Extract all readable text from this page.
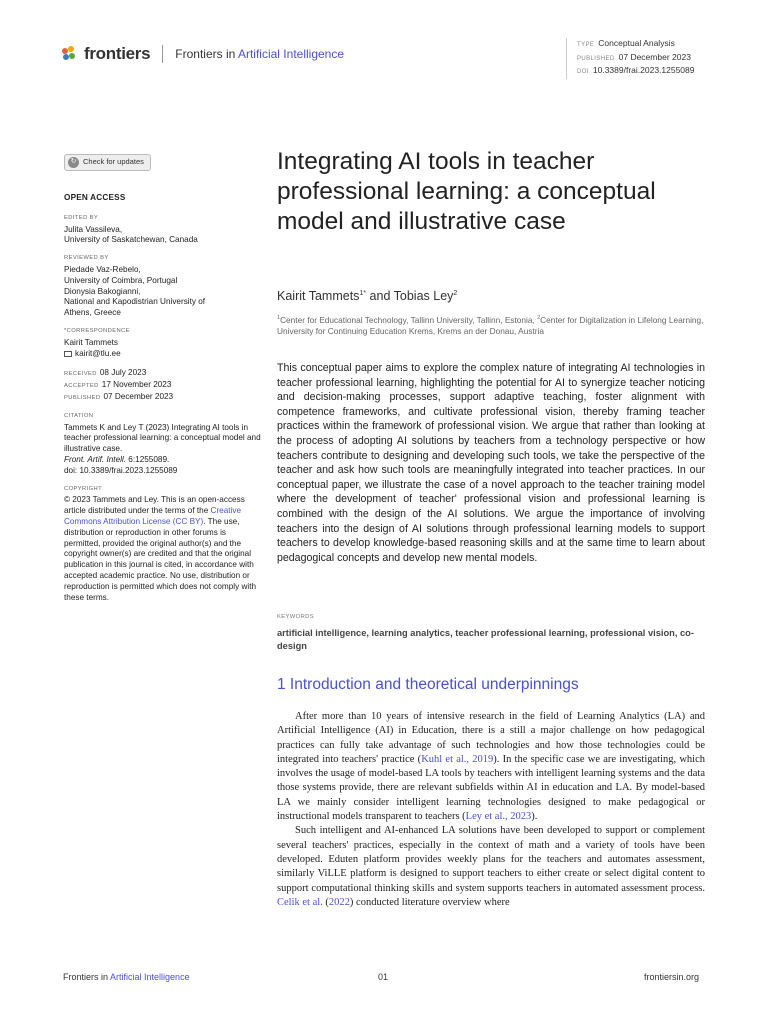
frontiers Frontiers in Artificial Intelligence
TYPE Conceptual Analysis
PUBLISHED 07 December 2023
DOI 10.3389/frai.2023.1255089
↻ Check for updates
OPEN ACCESS
EDITED BY
Julita Vassileva,
University of Saskatchewan, Canada
REVIEWED BY
Piedade Vaz-Rebelo,
University of Coimbra, Portugal
Dionysia Bakogianni,
National and Kapodistrian University of
Athens, Greece
*CORRESPONDENCE
Kairit Tammets
kairit@tlu.ee
RECEIVED 08 July 2023
ACCEPTED 17 November 2023
PUBLISHED 07 December 2023
CITATION
Tammets K and Ley T (2023) Integrating AI tools in teacher professional learning: a conceptual model and illustrative case.
Front. Artif. Intell. 6:1255089.
doi: 10.3389/frai.2023.1255089
COPYRIGHT
© 2023 Tammets and Ley. This is an open-access article distributed under the terms of the Creative Commons Attribution License (CC BY). The use, distribution or reproduction in other forums is permitted, provided the original author(s) and the copyright owner(s) are credited and that the original publication in this journal is cited, in accordance with accepted academic practice. No use, distribution or reproduction is permitted which does not comply with these terms.
Integrating AI tools in teacher professional learning: a conceptual model and illustrative case
Kairit Tammets$^{1*}$ and Tobias Ley$^2$
$^1$Center for Educational Technology, Tallinn University, Tallinn, Estonia, $^2$Center for Digitalization in Lifelong Learning, University for Continuing Education Krems, Krems an der Donau, Austria

This conceptual paper aims to explore the complex nature of integrating AI technologies in teacher professional learning, highlighting the potential for AI to synergize teacher noticing and decision-making processes, support adaptive teaching, foster alignment with competence frameworks, and cultivate professional vision, thereby framing teacher practices within the framework of professional vision. We argue that rather than looking at the process of adopting AI solutions by teachers from a technology perspective or how teachers contribute to designing and developing such tools, we take the perspective of the teacher and ask how such tools are meaningfully integrated into teacher practices. In our conceptual paper, we illustrate the case of a novel approach to the teacher training model where the development of teacher' professional vision and professional learning is combined with the design of the AI solutions. We argue the importance of involving teachers into the design of AI solutions through professional learning models to support teachers to develop knowledge-based reasoning skills and at the same time to learn about pedagogical concepts and develop new mental models.

KEYWORDS
artificial intelligence, learning analytics, teacher professional learning, professional vision, co-design
1 Introduction and theoretical underpinnings

After more than 10 years of intensive research in the field of Learning Analytics (LA) and Artificial Intelligence (AI) in Education, there is a still a major challenge on how pedagogical practices can fully take advantage of such technologies and how those technologies could be integrated into teachers' practice (Kuhl et al., 2019). In the specific case we are investigating, which involves the usage of model-based LA tools by teachers with intelligent learning systems and the data those systems provide, there are relevant subfields within AI in education and LA. By model-based LA we mainly consider intelligent learning technologies designed to make pedagogical or instructional models transparent to teachers (Ley et al., 2023).

Such intelligent and AI-enhanced LA solutions have been developed to support or complement several teachers' practices, especially in the context of math and a variety of tools have been developed. Eduten platform provides weekly plans for the teachers and automates assessment, similarly ViLLE platform is designed to support teachers to either create or select digital content to support computational thinking skills and system supports teachers in automated assessment process. Celik et al. (2022) conducted literature overview where

Frontiers in Artificial Intelligence	01	frontiersin.org
